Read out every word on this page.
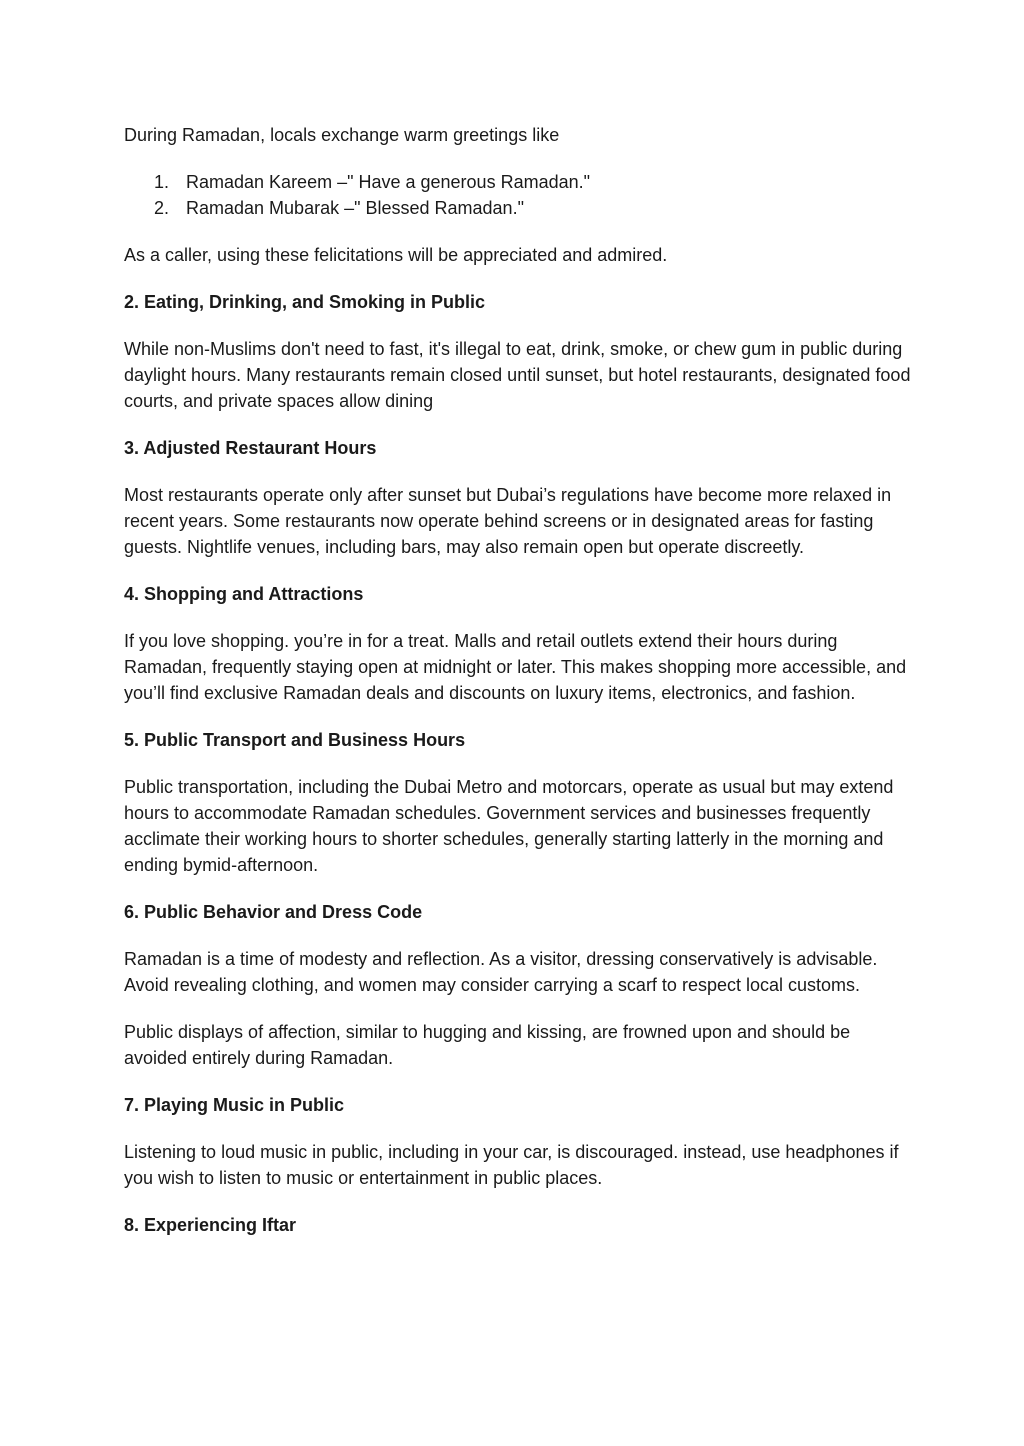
During Ramadan, locals exchange warm greetings like

1. Ramadan Kareem –" Have a generous Ramadan."
2. Ramadan Mubarak –" Blessed Ramadan."

As a caller, using these felicitations will be appreciated and admired.

2. Eating, Drinking, and Smoking in Public

While non-Muslims don't need to fast, it's illegal to eat, drink, smoke, or chew gum in public during daylight hours. Many restaurants remain closed until sunset, but hotel restaurants, designated food courts, and private spaces allow dining

3. Adjusted Restaurant Hours

Most restaurants operate only after sunset but Dubai’s regulations have become more relaxed in recent years. Some restaurants now operate behind screens or in designated areas for fasting guests. Nightlife venues, including bars, may also remain open but operate discreetly.

4. Shopping and Attractions

If you love shopping. you’re in for a treat. Malls and retail outlets extend their hours during Ramadan, frequently staying open at midnight or later. This makes shopping more accessible, and you’ll find exclusive Ramadan deals and discounts on luxury items, electronics, and fashion.

5. Public Transport and Business Hours

Public transportation, including the Dubai Metro and motorcars, operate as usual but may extend hours to accommodate Ramadan schedules. Government services and businesses frequently acclimate their working hours to shorter schedules, generally starting latterly in the morning and ending bymid-afternoon.

6. Public Behavior and Dress Code

Ramadan is a time of modesty and reflection. As a visitor, dressing conservatively is advisable. Avoid revealing clothing, and women may consider carrying a scarf to respect local customs.

Public displays of affection, similar to hugging and kissing, are frowned upon and should be avoided entirely during Ramadan.

7. Playing Music in Public

Listening to loud music in public, including in your car, is discouraged. instead, use headphones if you wish to listen to music or entertainment in public places.

8. Experiencing Iftar
